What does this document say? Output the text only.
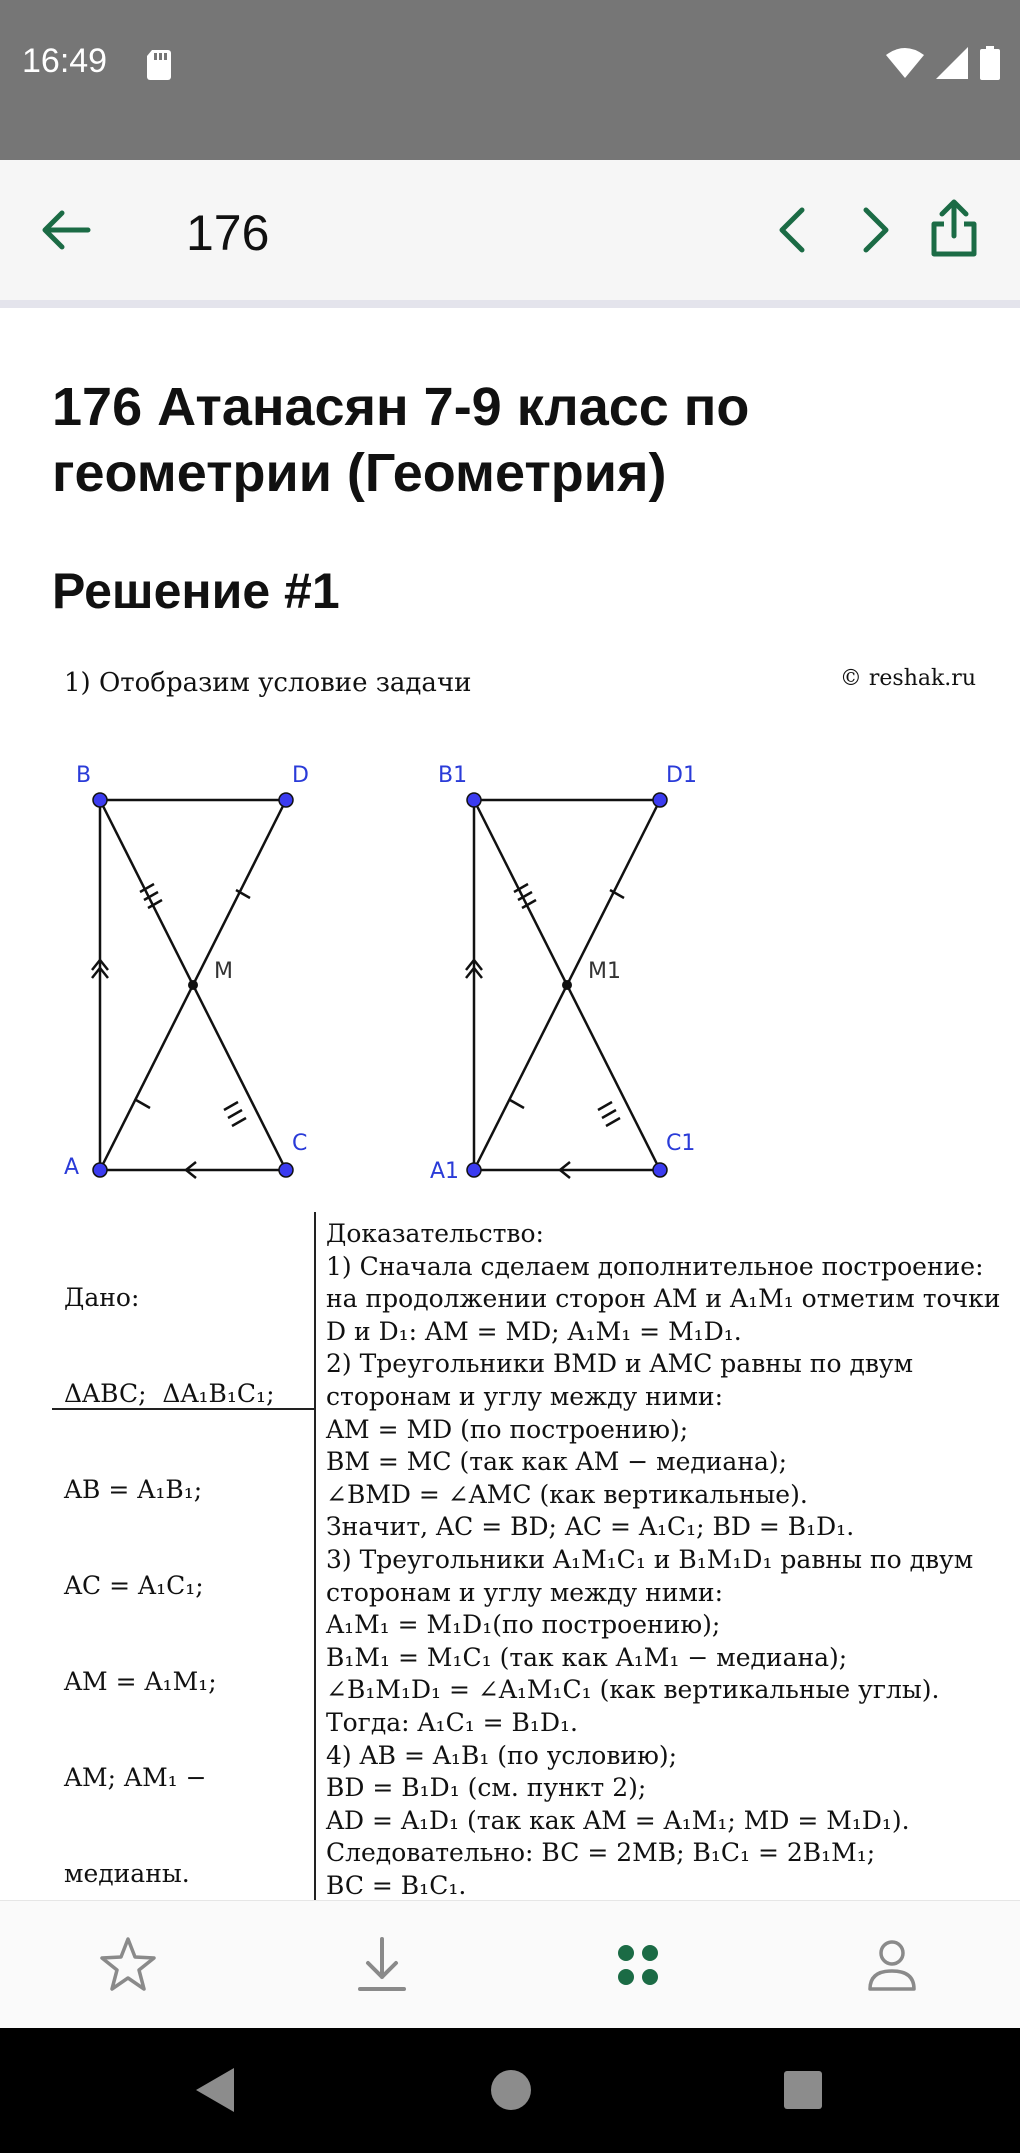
16:49
176
176 Атанасян 7-9 класс по геометрии (Геометрия)
Решение #1
1) Отобразим условие задачи	© reshak.ru
B	D
M
A
C
B1	D1
M1
A1
C1

Дано:

ΔABC;  ΔA₁B₁C₁;

AB = A₁B₁;

AC = A₁C₁;

AM = A₁M₁;

AM; AM₁ −

медианы.

Доказательство:
1) Сначала сделаем дополнительное построение:
на продолжении сторон AM и A₁M₁ отметим точки
D и D₁: AM = MD; A₁M₁ = M₁D₁.
2) Треугольники BMD и AMC равны по двум
сторонам и углу между ними:
AM = MD (по построению);
BM = MC (так как AM − медиана);
∠BMD = ∠AMC (как вертикальные).
Значит, AC = BD; AC = A₁C₁; BD = B₁D₁.
3) Треугольники A₁M₁C₁ и B₁M₁D₁ равны по двум
сторонам и углу между ними:
A₁M₁ = M₁D₁(по построению);
B₁M₁ = M₁C₁ (так как A₁M₁ − медиана);
∠B₁M₁D₁ = ∠A₁M₁C₁ (как вертикальные углы).
Тогда: A₁C₁ = B₁D₁.
4) AB = A₁B₁ (по условию);
BD = B₁D₁ (см. пункт 2);
AD = A₁D₁ (так как AM = A₁M₁; MD = M₁D₁).
Следовательно: BC = 2MB; B₁C₁ = 2B₁M₁;
BC = B₁C₁.
